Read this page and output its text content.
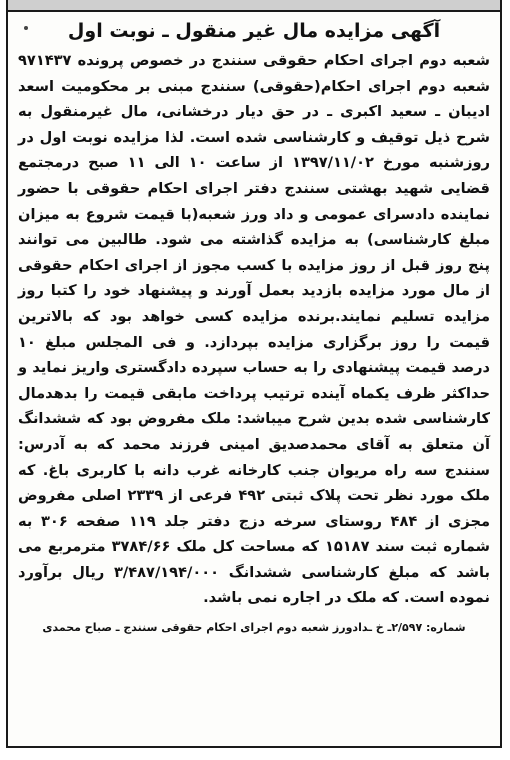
آگهی مزایده مال غیر منقول ـ نوبت اول
شعبه دوم اجرای احکام حقوقی سنندج در خصوص پرونده ۹۷۱۴۳۷ شعبه دوم اجرای احکام(حقوقی) سنندج مبنی بر محکومیت اسعد ادیبان ـ سعید اکبری ـ در حق دیار درخشانی، مال غیرمنقول به شرح ذیل توقیف و کارشناسی شده است. لذا مزایده نوبت اول در روزشنبه مورخ ۱۳۹۷/۱۱/۰۲ از ساعت ۱۰ الی ۱۱ صبح درمجتمع قضایی شهید بهشتی سنندج دفتر اجرای احکام حقوقی با حضور نماینده دادسرای عمومی و داد ورز شعبه(با قیمت شروع به میزان مبلغ کارشناسی) به مزایده گذاشته می شود. طالبین می توانند پنج روز قبل از روز مزایده با کسب مجوز از اجرای احکام حقوقی از مال مورد مزایده بازدید بعمل آورند و پیشنهاد خود را کتبا روز مزایده تسلیم نمایند.برنده مزایده کسی خواهد بود که بالاترین قیمت را روز برگزاری مزایده بپردازد. و فی المجلس مبلغ ۱۰ درصد قیمت پیشنهادی را به حساب سپرده دادگستری واریز نماید و حداکثر ظرف یکماه آینده ترتیب پرداخت مابقی قیمت را بدهدمال کارشناسی شده بدین شرح میباشد: ملک مفروض بود که ششدانگ آن متعلق به آقای محمدصدیق امینی فرزند محمد که به آدرس: سنندج سه راه مریوان جنب کارخانه غرب دانه با کاربری باغ. که ملک مورد نظر تحت پلاک ثبتی ۴۹۲ فرعی از ۲۳۳۹ اصلی مفروض مجزی از ۴۸۴ روستای سرخه دزج دفتر جلد ۱۱۹ صفحه ۳۰۶ به شماره ثبت سند ۱۵۱۸۷ که مساحت کل ملک ۳۷۸۴/۶۶ مترمربع می باشد که مبلغ کارشناسی ششدانگ ۳/۴۸۷/۱۹۴/۰۰۰ ریال برآورد نموده است. که ملک در اجاره نمی باشد.
شماره: ۲/۵۹۷ـ خ ـدادورز شعبه دوم اجرای احکام حقوقی سنندج ـ صباح محمدی
